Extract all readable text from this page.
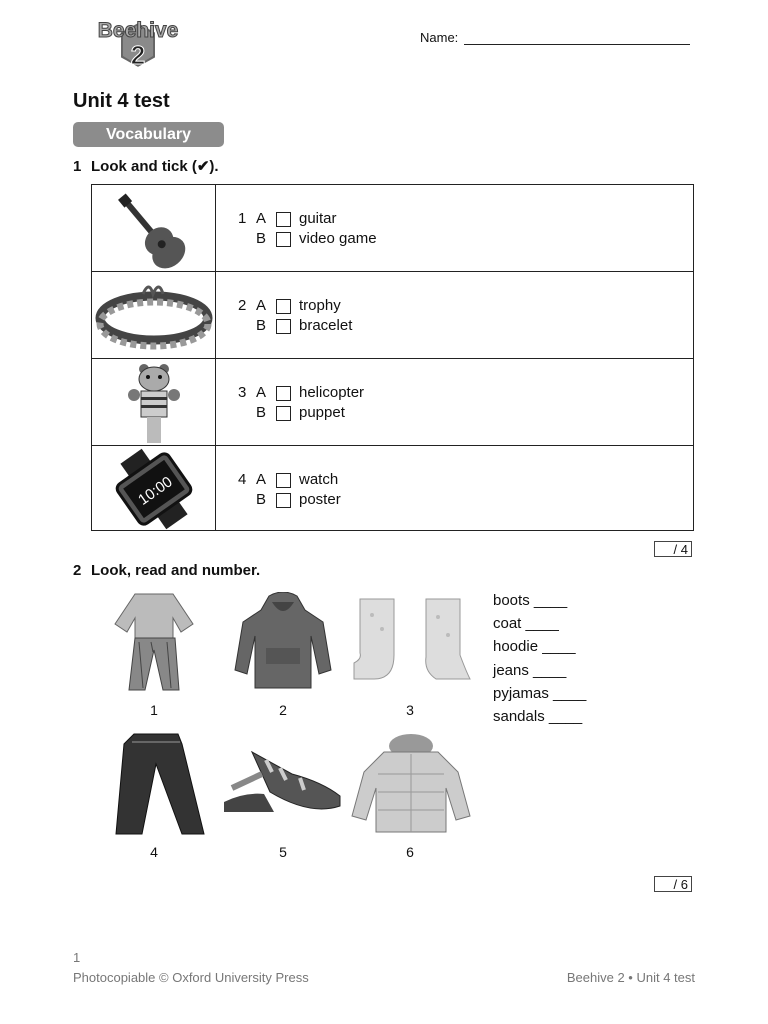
2
Beehive	Name:
Unit 4 test
Vocabulary
1 Look and tick (✔).
1 A	guitar
B	video game
2 A	trophy
B	bracelet
3 A	helicopter
B	puppet
10:00	4 A	watch
B	poster
/ 4
2 Look, read and number.
1	2	3
4	5	6
boots ____
coat ____
hoodie ____
jeans ____
pyjamas ____
sandals ____
/ 6
1
Photocopiable © Oxford University Press	Beehive 2 • Unit 4 test
